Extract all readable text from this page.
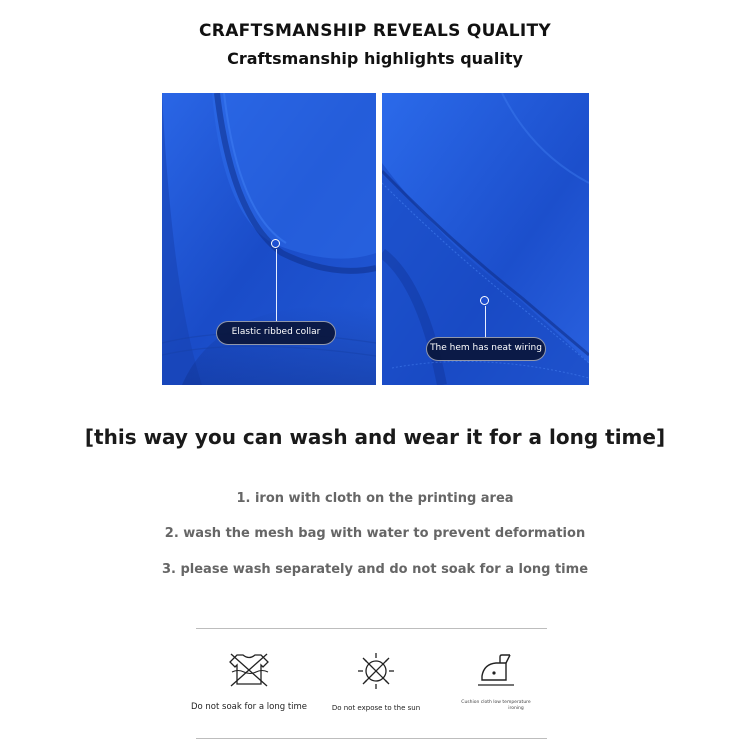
CRAFTSMANSHIP REVEALS QUALITY
Craftsmanship highlights quality
Elastic ribbed collar
The hem has neat wiring
[this way you can wash and wear it for a long time]
1. iron with cloth on the printing area
2. wash the mesh bag with water to prevent deformation
3. please wash separately and do not soak for a long time
Do not soak for a long time	Do not expose to the sun
Cushion cloth low temperature
ironing
